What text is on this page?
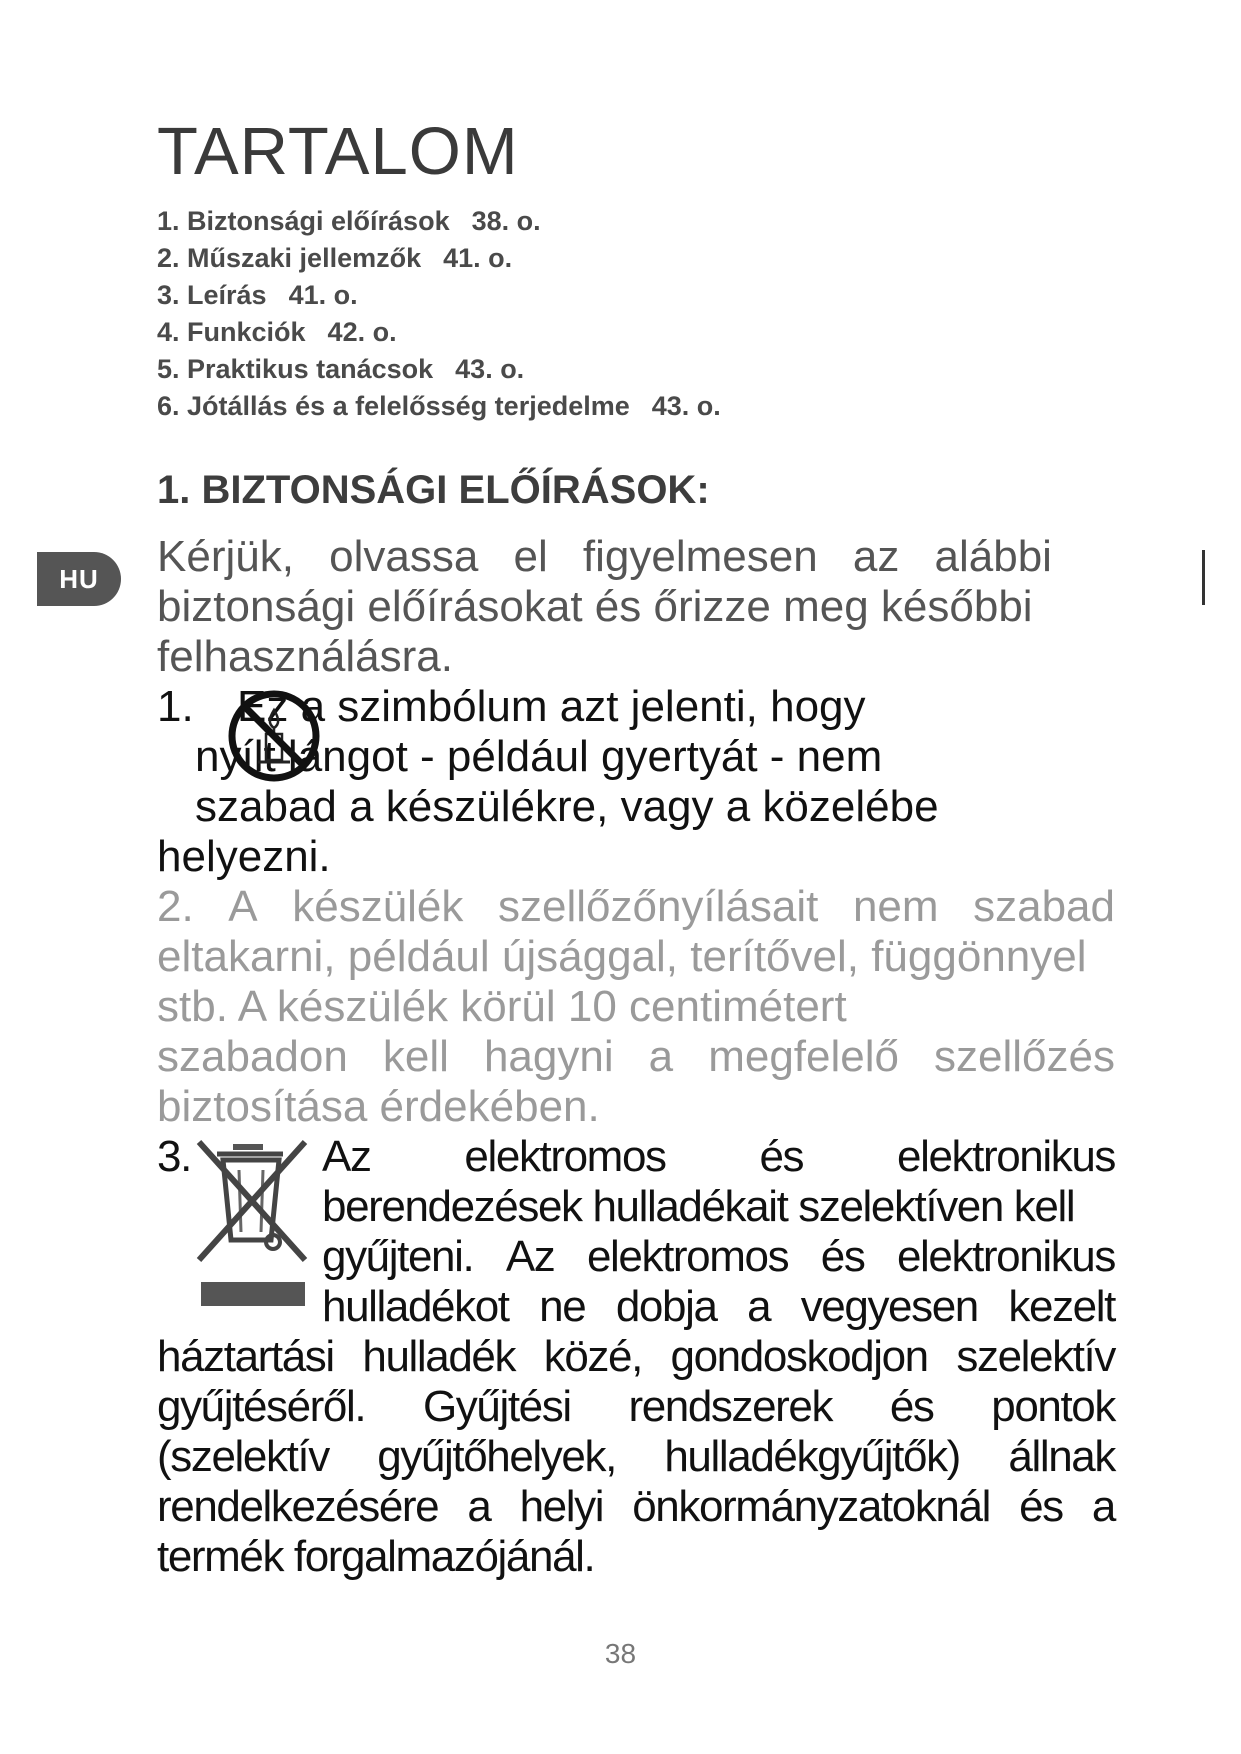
TARTALOM
1. Biztonsági előírások 38. o.
2. Műszaki jellemzők 41. o.
3. Leírás 41. o.
4. Funkciók 42. o.
5. Praktikus tanácsok 43. o.
6. Jótállás és a felelősség terjedelme 43. o.
1. BIZTONSÁGI ELŐÍRÁSOK:
HU	Kérjük, olvassa el figyelmesen az alábbi
biztonsági előírásokat és őrizze meg későbbi
felhasználásra.
1. Ez a szimbólum azt jelenti, hogy
nyílt lángot - például gyertyát - nem
szabad a készülékre, vagy a közelébe
helyezni.
2. A készülék szellőzőnyílásait nem szabad
eltakarni, például újsággal, terítővel, függönnyel
stb. A készülék körül 10 centimétert
szabadon kell hagyni a megfelelő szellőzés
biztosítása érdekében.
3.	Az elektromos és elektronikus
berendezések hulladékait szelektíven kell
gyűjteni. Az elektromos és elektronikus
hulladékot ne dobja a vegyesen kezelt
háztartási hulladék közé, gondoskodjon szelektív
gyűjtéséről. Gyűjtési rendszerek és pontok
(szelektív gyűjtőhelyek, hulladékgyűjtők) állnak
rendelkezésére a helyi önkormányzatoknál és a
termék forgalmazójánál.
38
